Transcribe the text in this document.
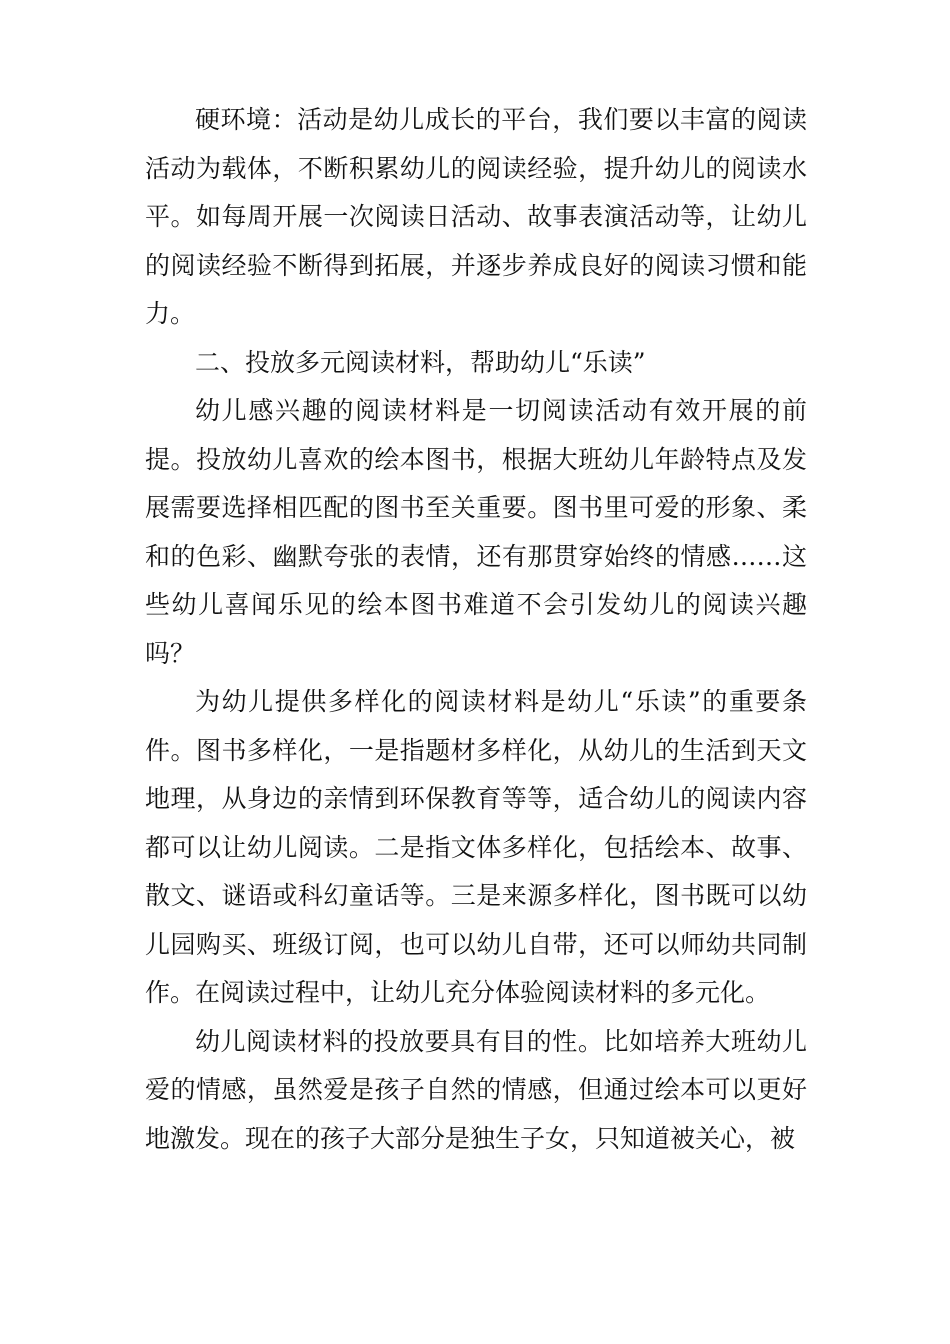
硬环境：活动是幼儿成长的平台，我们要以丰富的阅读活动为载体，不断积累幼儿的阅读经验，提升幼儿的阅读水平。如每周开展一次阅读日活动、故事表演活动等，让幼儿的阅读经验不断得到拓展，并逐步养成良好的阅读习惯和能力。

二、投放多元阅读材料，帮助幼儿“乐读”

幼儿感兴趣的阅读材料是一切阅读活动有效开展的前提。投放幼儿喜欢的绘本图书，根据大班幼儿年龄特点及发展需要选择相匹配的图书至关重要。图书里可爱的形象、柔和的色彩、幽默夸张的表情，还有那贯穿始终的情感……这些幼儿喜闻乐见的绘本图书难道不会引发幼儿的阅读兴趣吗？

为幼儿提供多样化的阅读材料是幼儿“乐读”的重要条件。图书多样化，一是指题材多样化，从幼儿的生活到天文地理，从身边的亲情到环保教育等等，适合幼儿的阅读内容都可以让幼儿阅读。二是指文体多样化，包括绘本、故事、散文、谜语或科幻童话等。三是来源多样化，图书既可以幼儿园购买、班级订阅，也可以幼儿自带，还可以师幼共同制作。在阅读过程中，让幼儿充分体验阅读材料的多元化。

幼儿阅读材料的投放要具有目的性。比如培养大班幼儿爱的情感，虽然爱是孩子自然的情感，但通过绘本可以更好地激发。现在的孩子大部分是独生子女，只知道被关心，被
